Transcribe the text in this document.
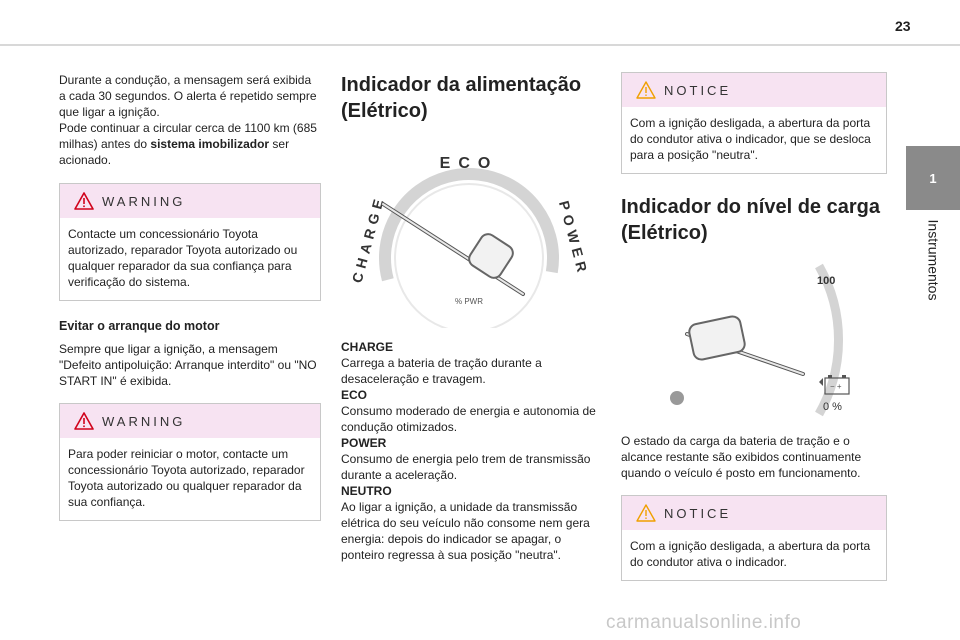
23
1
Instrumentos

Durante a condução, a mensagem será exibida a cada 30 segundos. O alerta é repetido sempre que ligar a ignição.

Pode continuar a circular cerca de 1100 km (685 milhas) antes do sistema imobilizador ser acionado.

WARNING
Contacte um concessionário Toyota autorizado, reparador Toyota autorizado ou qualquer reparador da sua confiança para verificação do sistema.
Evitar o arranque do motor

Sempre que ligar a ignição, a mensagem "Defeito antipoluição: Arranque interdito" ou "NO START IN" é exibida.

WARNING
Para poder reiniciar o motor, contacte um concessionário Toyota autorizado, reparador Toyota autorizado ou qualquer reparador da sua confiança.
Indicador da alimentação (Elétrico)
ECO
CHARGE	POWER
% PWR

CHARGE
Carrega a bateria de tração durante a desaceleração e travagem.

ECO
Consumo moderado de energia e autonomia de condução otimizados.

POWER
Consumo de energia pelo trem de transmissão durante a aceleração.

NEUTRO
Ao ligar a ignição, a unidade da transmissão elétrica do seu veículo não consome nem gera energia: depois do indicador se apagar, o ponteiro regressa à sua posição "neutra".

NOTICE
Com a ignição desligada, a abertura da porta do condutor ativa o indicador, que se desloca para a posição "neutra".
Indicador do nível de carga (Elétrico)
100
− +
0 %

O estado da carga da bateria de tração e o alcance restante são exibidos continuamente quando o veículo é posto em funcionamento.

NOTICE
Com a ignição desligada, a abertura da porta do condutor ativa o indicador.
carmanualsonline.info
